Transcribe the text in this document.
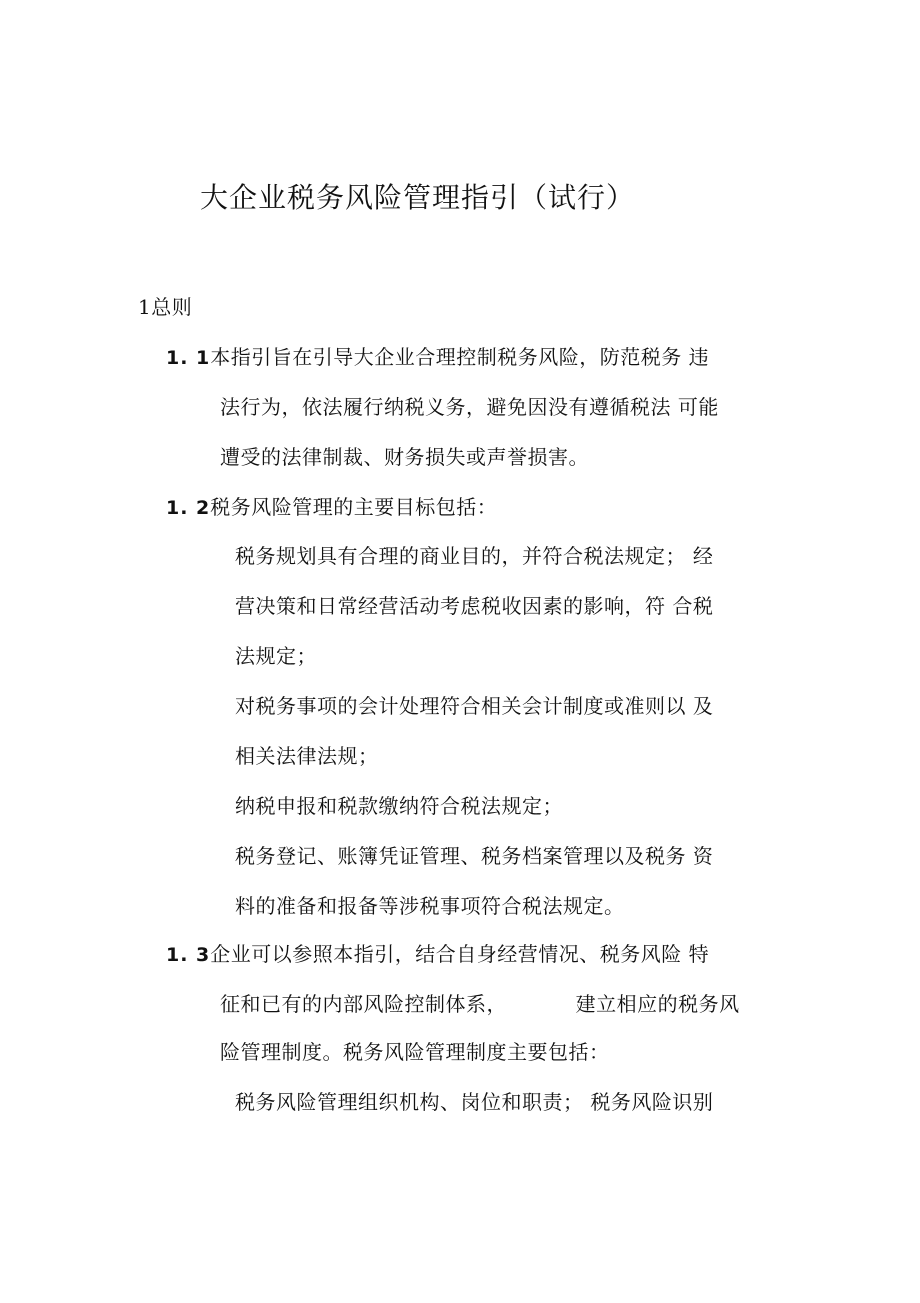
大企业税务风险管理指引（试行）
1总则
1. 1本指引旨在引导大企业合理控制税务风险，防范税务 违
法行为，依法履行纳税义务，避免因没有遵循税法 可能
遭受的法律制裁、财务损失或声誉损害。
1. 2税务风险管理的主要目标包括：
税务规划具有合理的商业目的，并符合税法规定； 经
营决策和日常经营活动考虑税收因素的影响，符 合税
法规定；
对税务事项的会计处理符合相关会计制度或准则以 及
相关法律法规；
纳税申报和税款缴纳符合税法规定；
税务登记、账簿凭证管理、税务档案管理以及税务 资
料的准备和报备等涉税事项符合税法规定。
1. 3企业可以参照本指引，结合自身经营情况、税务风险 特
征和已有的内部风险控制体系，          建立相应的税务风
险管理制度。税务风险管理制度主要包括：
税务风险管理组织机构、岗位和职责； 税务风险识别
